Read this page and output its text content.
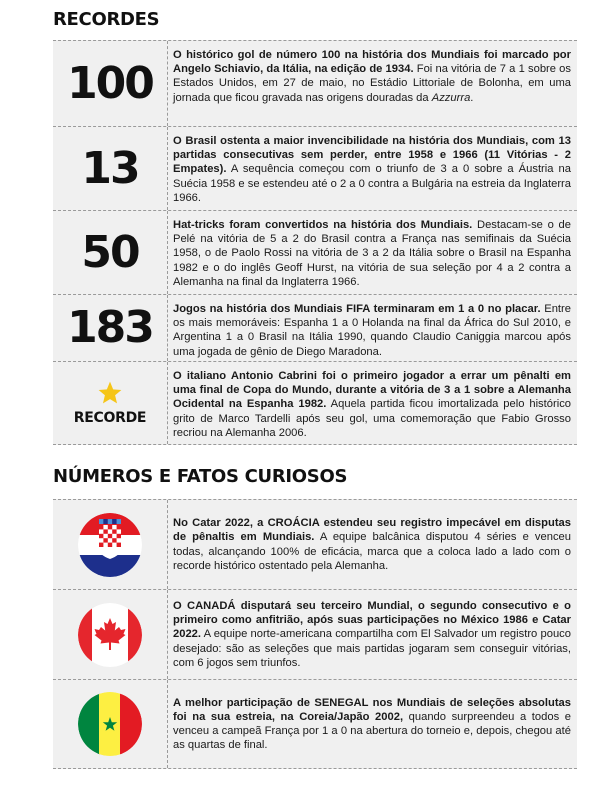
RECORDES
100
O histórico gol de número 100 na história dos Mundiais foi marcado por Angelo Schiavio, da Itália, na edição de 1934. Foi na vitória de 7 a 1 sobre os Estados Unidos, em 27 de maio, no Estádio Littoriale de Bolonha, em uma jornada que ficou gravada nas origens douradas da Azzurra.
13
O Brasil ostenta a maior invencibilidade na história dos Mundiais, com 13 partidas consecutivas sem perder, entre 1958 e 1966 (11 Vitórias - 2 Empates). A sequência começou com o triunfo de 3 a 0 sobre a Áustria na Suécia 1958 e se estendeu até o 2 a 0 contra a Bulgária na estreia da Inglaterra 1966.
50
Hat-tricks foram convertidos na história dos Mundiais. Destacam-se o de Pelé na vitória de 5 a 2 do Brasil contra a França nas semifinais da Suécia 1958, o de Paolo Rossi na vitória de 3 a 2 da Itália sobre o Brasil na Espanha 1982 e o do inglês Geoff Hurst, na vitória de sua seleção por 4 a 2 contra a Alemanha na final da Inglaterra 1966.
183	Jogos na história dos Mundiais FIFA terminaram em 1 a 0 no placar. Entre os mais memoráveis: Espanha 1 a 0 Holanda na final da África do Sul 2010, e Argentina 1 a 0 Brasil na Itália 1990, quando Claudio Caniggia marcou após uma jogada de gênio de Diego Maradona.
RECORDE
O italiano Antonio Cabrini foi o primeiro jogador a errar um pênalti em uma final de Copa do Mundo, durante a vitória de 3 a 1 sobre a Alemanha Ocidental na Espanha 1982. Aquela partida ficou imortalizada pelo histórico grito de Marco Tardelli após seu gol, uma comemoração que Fabio Grosso recriou na Alemanha 2006.
NÚMEROS E FATOS CURIOSOS
No Catar 2022, a CROÁCIA estendeu seu registro impecável em disputas de pênaltis em Mundiais. A equipe balcânica disputou 4 séries e venceu todas, alcançando 100% de eficácia, marca que a coloca lado a lado com o recorde histórico ostentado pela Alemanha.
O CANADÁ disputará seu terceiro Mundial, o segundo consecutivo e o primeiro como anfitrião, após suas participações no México 1986 e Catar 2022. A equipe norte-americana compartilha com El Salvador um registro pouco desejado: são as seleções que mais partidas jogaram sem conseguir vitórias, com 6 jogos sem triunfos.
A melhor participação de SENEGAL nos Mundiais de seleções absolutas foi na sua estreia, na Coreia/Japão 2002, quando surpreendeu a todos e venceu a campeã França por 1 a 0 na abertura do torneio e, depois, chegou até as quartas de final.
